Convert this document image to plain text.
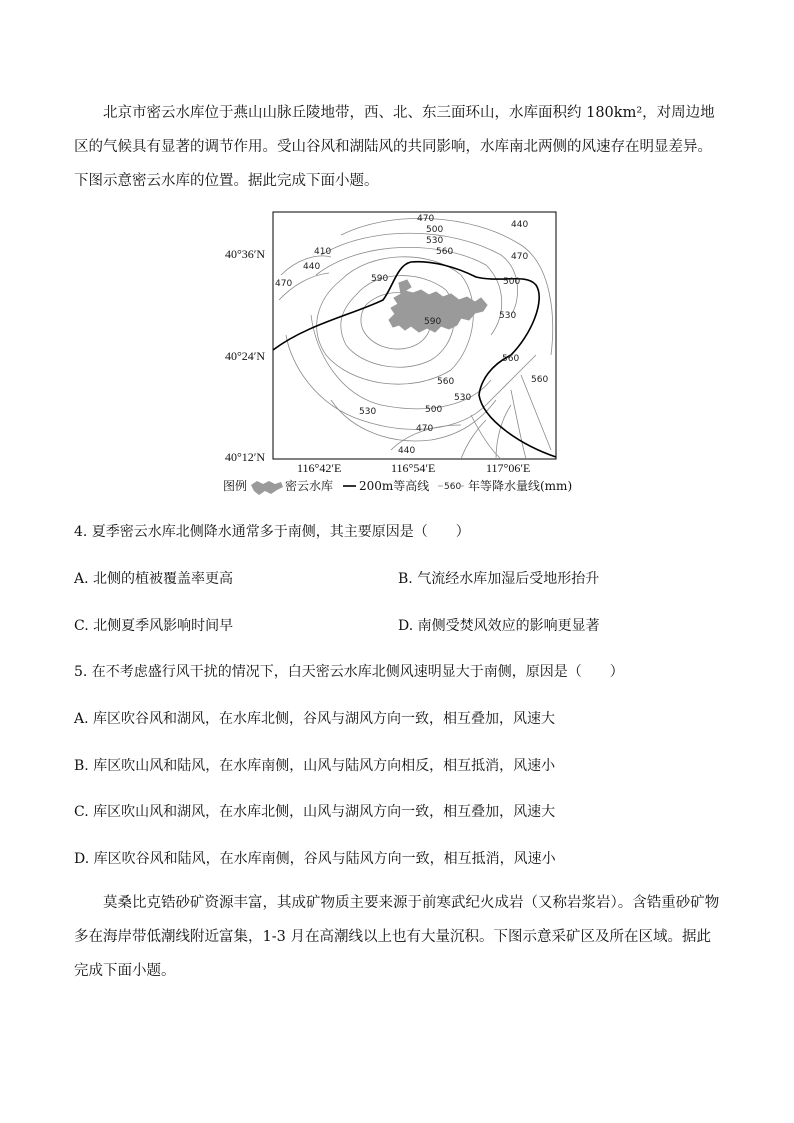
北京市密云水库位于燕山山脉丘陵地带，西、北、东三面环山，水库面积约 180km²，对周边地区的气候具有显著的调节作用。受山谷风和湖陆风的共同影响，水库南北两侧的风速存在明显差异。下图示意密云水库的位置。据此完成下面小题。

470
440
500
530
560
410
440
470	590	500
470
530
590
560
560
560
530
530	500
470
440
40°36′N
40°24′N
40°12′N
116°42′E	116°54′E	117°06′E
图例	密云水库 200m等高线 560 年等降水量线(mm)

4. 夏季密云水库北侧降水通常多于南侧，其主要原因是（　　）

A. 北侧的植被覆盖率更高	B. 气流经水库加湿后受地形抬升

C. 北侧夏季风影响时间早	D. 南侧受焚风效应的影响更显著

5. 在不考虑盛行风干扰的情况下，白天密云水库北侧风速明显大于南侧，原因是（　　）

A. 库区吹谷风和湖风，在水库北侧，谷风与湖风方向一致，相互叠加，风速大

B. 库区吹山风和陆风，在水库南侧，山风与陆风方向相反，相互抵消，风速小

C. 库区吹山风和湖风，在水库北侧，山风与湖风方向一致，相互叠加，风速大

D. 库区吹谷风和陆风，在水库南侧，谷风与陆风方向一致，相互抵消，风速小

莫桑比克锆砂矿资源丰富，其成矿物质主要来源于前寒武纪火成岩（又称岩浆岩）。含锆重砂矿物多在海岸带低潮线附近富集，1-3 月在高潮线以上也有大量沉积。下图示意采矿区及所在区域。据此完成下面小题。
